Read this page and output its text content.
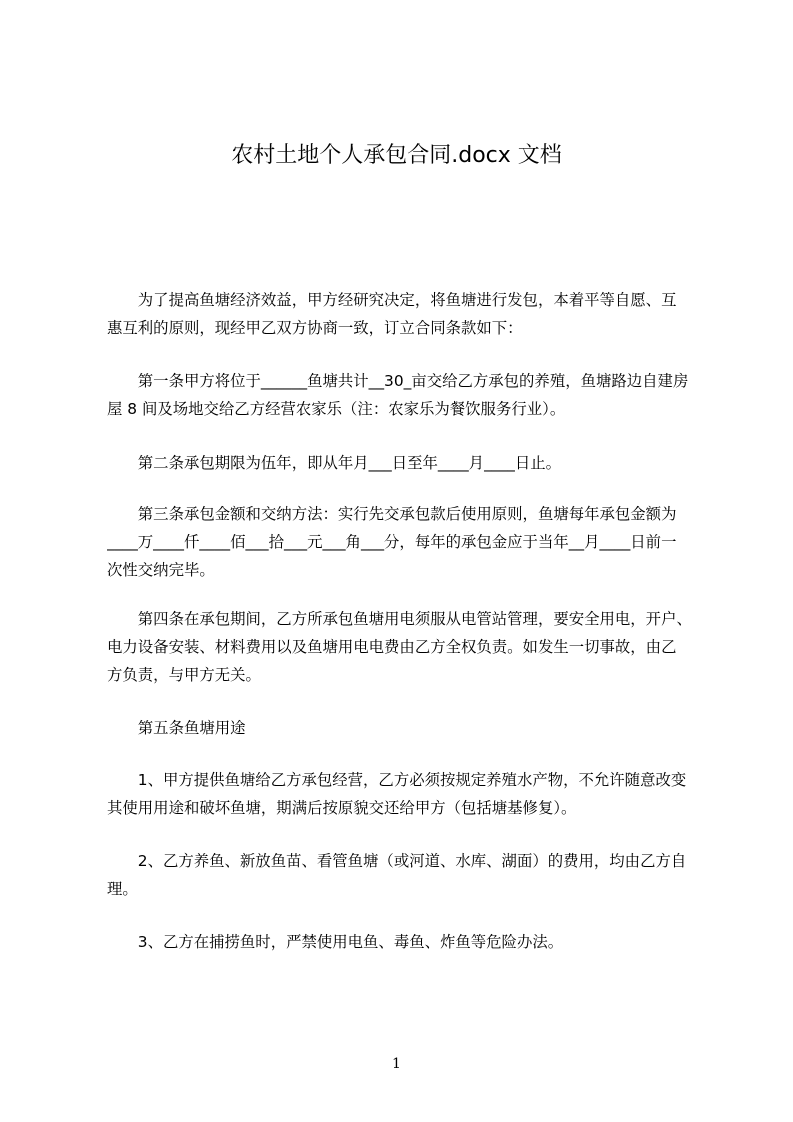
农村土地个人承包合同.docx 文档
　　为了提高鱼塘经济效益，甲方经研究决定，将鱼塘进行发包，本着平等自愿、互
惠互利的原则，现经甲乙双方协商一致，订立合同条款如下：
　　第一条甲方将位于______鱼塘共计__30_亩交给乙方承包的养殖，鱼塘路边自建房
屋 8 间及场地交给乙方经营农家乐（注：农家乐为餐饮服务行业）。
　　第二条承包期限为伍年，即从年月___日至年____月____日止。
　　第三条承包金额和交纳方法：实行先交承包款后使用原则，鱼塘每年承包金额为
____万____仟____佰___拾___元___角___分，每年的承包金应于当年__月____日前一
次性交纳完毕。
　　第四条在承包期间，乙方所承包鱼塘用电须服从电管站管理，要安全用电，开户、
电力设备安装、材料费用以及鱼塘用电电费由乙方全权负责。如发生一切事故，由乙
方负责，与甲方无关。
　　第五条鱼塘用途
　　1、甲方提供鱼塘给乙方承包经营，乙方必须按规定养殖水产物，不允许随意改变
其使用用途和破坏鱼塘，期满后按原貌交还给甲方（包括塘基修复）。
　　2、乙方养鱼、新放鱼苗、看管鱼塘（或河道、水库、湖面）的费用，均由乙方自
理。
　　3、乙方在捕捞鱼时，严禁使用电鱼、毒鱼、炸鱼等危险办法。
1
